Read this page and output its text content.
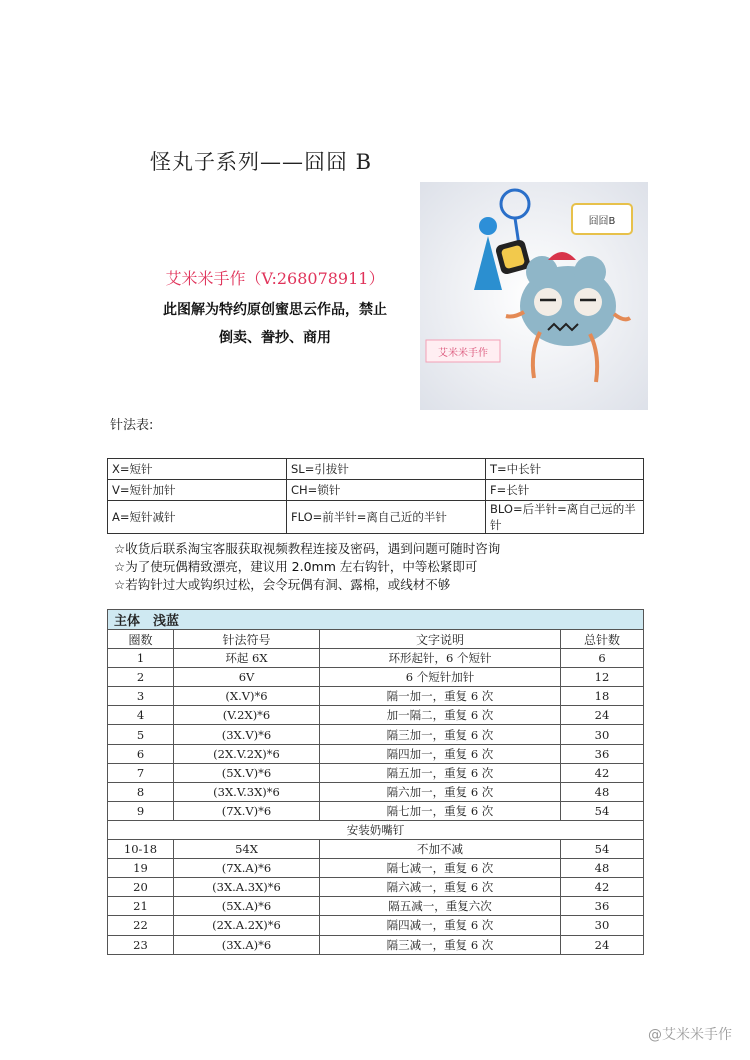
怪丸子系列——囧囧 B
艾米米手作（V:268078911）
此图解为特约原创蜜思云作品，禁止
倒卖、誊抄、商用
囧囧B
艾米米手作
针法表:
X=短针	SL=引拔针	T=中长针
V=短针加针	CH=锁针	F=长针
A=短针减针	FLO=前半针=离自己近的半针	BLO=后半针=离自己远的半针
☆收货后联系淘宝客服获取视频教程连接及密码，遇到问题可随时咨询
☆为了使玩偶精致漂亮，建议用 2.0mm 左右钩针，中等松紧即可
☆若钩针过大或钩织过松，会令玩偶有洞、露棉，或线材不够
主体　浅蓝			
圈数	针法符号	文字说明	总针数
1	环起 6X	环形起针，6 个短针	6
2	6V	6 个短针加针	12
3	(X.V)*6	隔一加一，重复 6 次	18
4	(V.2X)*6	加一隔二，重复 6 次	24
5	(3X.V)*6	隔三加一，重复 6 次	30
6	(2X.V.2X)*6	隔四加一，重复 6 次	36
7	(5X.V)*6	隔五加一，重复 6 次	42
8	(3X.V.3X)*6	隔六加一，重复 6 次	48
9	(7X.V)*6	隔七加一，重复 6 次	54
安装奶嘴钉			
10-18	54X	不加不减	54
19	(7X.A)*6	隔七减一，重复 6 次	48
20	(3X.A.3X)*6	隔六减一，重复 6 次	42
21	(5X.A)*6	隔五减一，重复六次	36
22	(2X.A.2X)*6	隔四减一，重复 6 次	30
23	(3X.A)*6	隔三减一，重复 6 次	24
@艾米米手作
